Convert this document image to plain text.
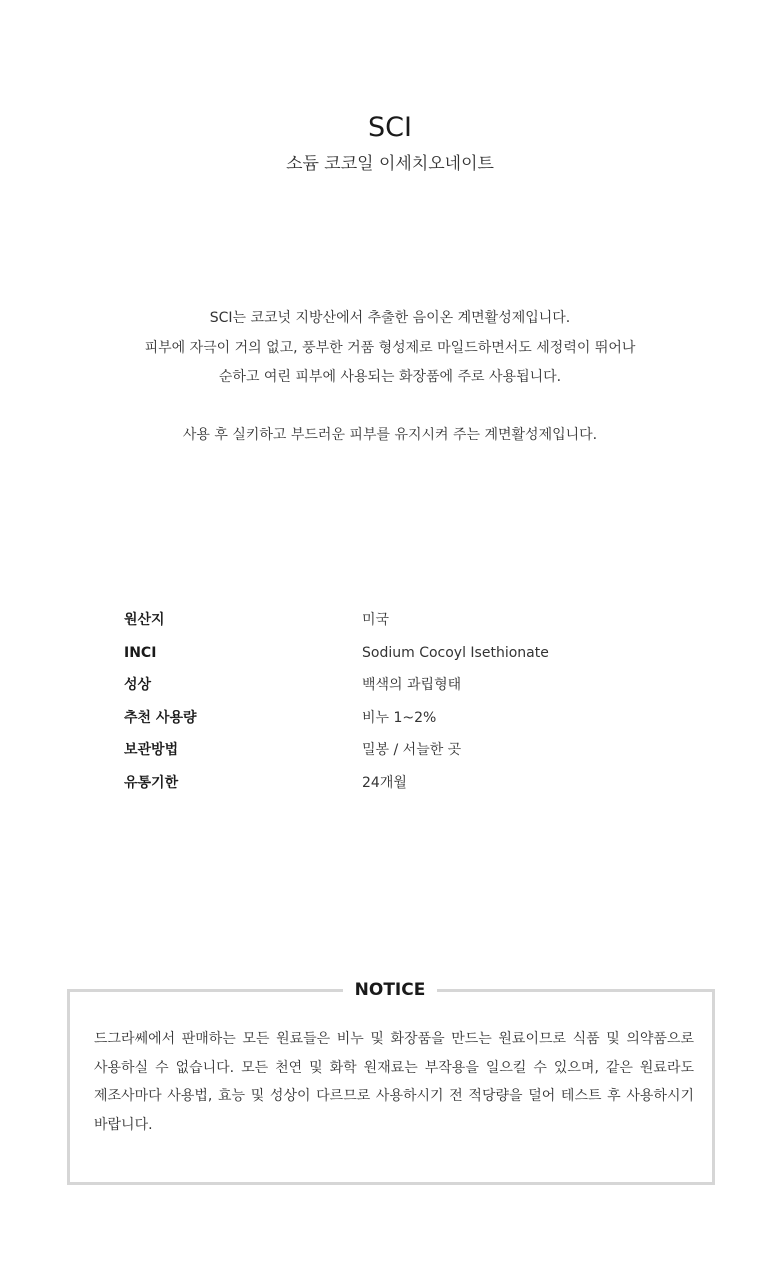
SCI
소듐 코코일 이세치오네이트
SCI는 코코넛 지방산에서 추출한 음이온 계면활성제입니다.
피부에 자극이 거의 없고, 풍부한 거품 형성제로 마일드하면서도 세정력이 뛰어나
순하고 여린 피부에 사용되는 화장품에 주로 사용됩니다.
사용 후 실키하고 부드러운 피부를 유지시켜 주는 계면활성제입니다.
원산지	미국
INCI	Sodium Cocoyl Isethionate
성상	백색의 과립형태
추천 사용량	비누 1~2%
보관방법	밀봉 / 서늘한 곳
유통기한	24개월
NOTICE
드그라쎄에서 판매하는 모든 원료들은 비누 및 화장품을 만드는 원료이므로 식품 및 의약품으로 사용하실 수 없습니다. 모든 천연 및 화학 원재료는 부작용을 일으킬 수 있으며, 같은 원료라도 제조사마다 사용법, 효능 및 성상이 다르므로 사용하시기 전 적당량을 덜어 테스트 후 사용하시기 바랍니다.
